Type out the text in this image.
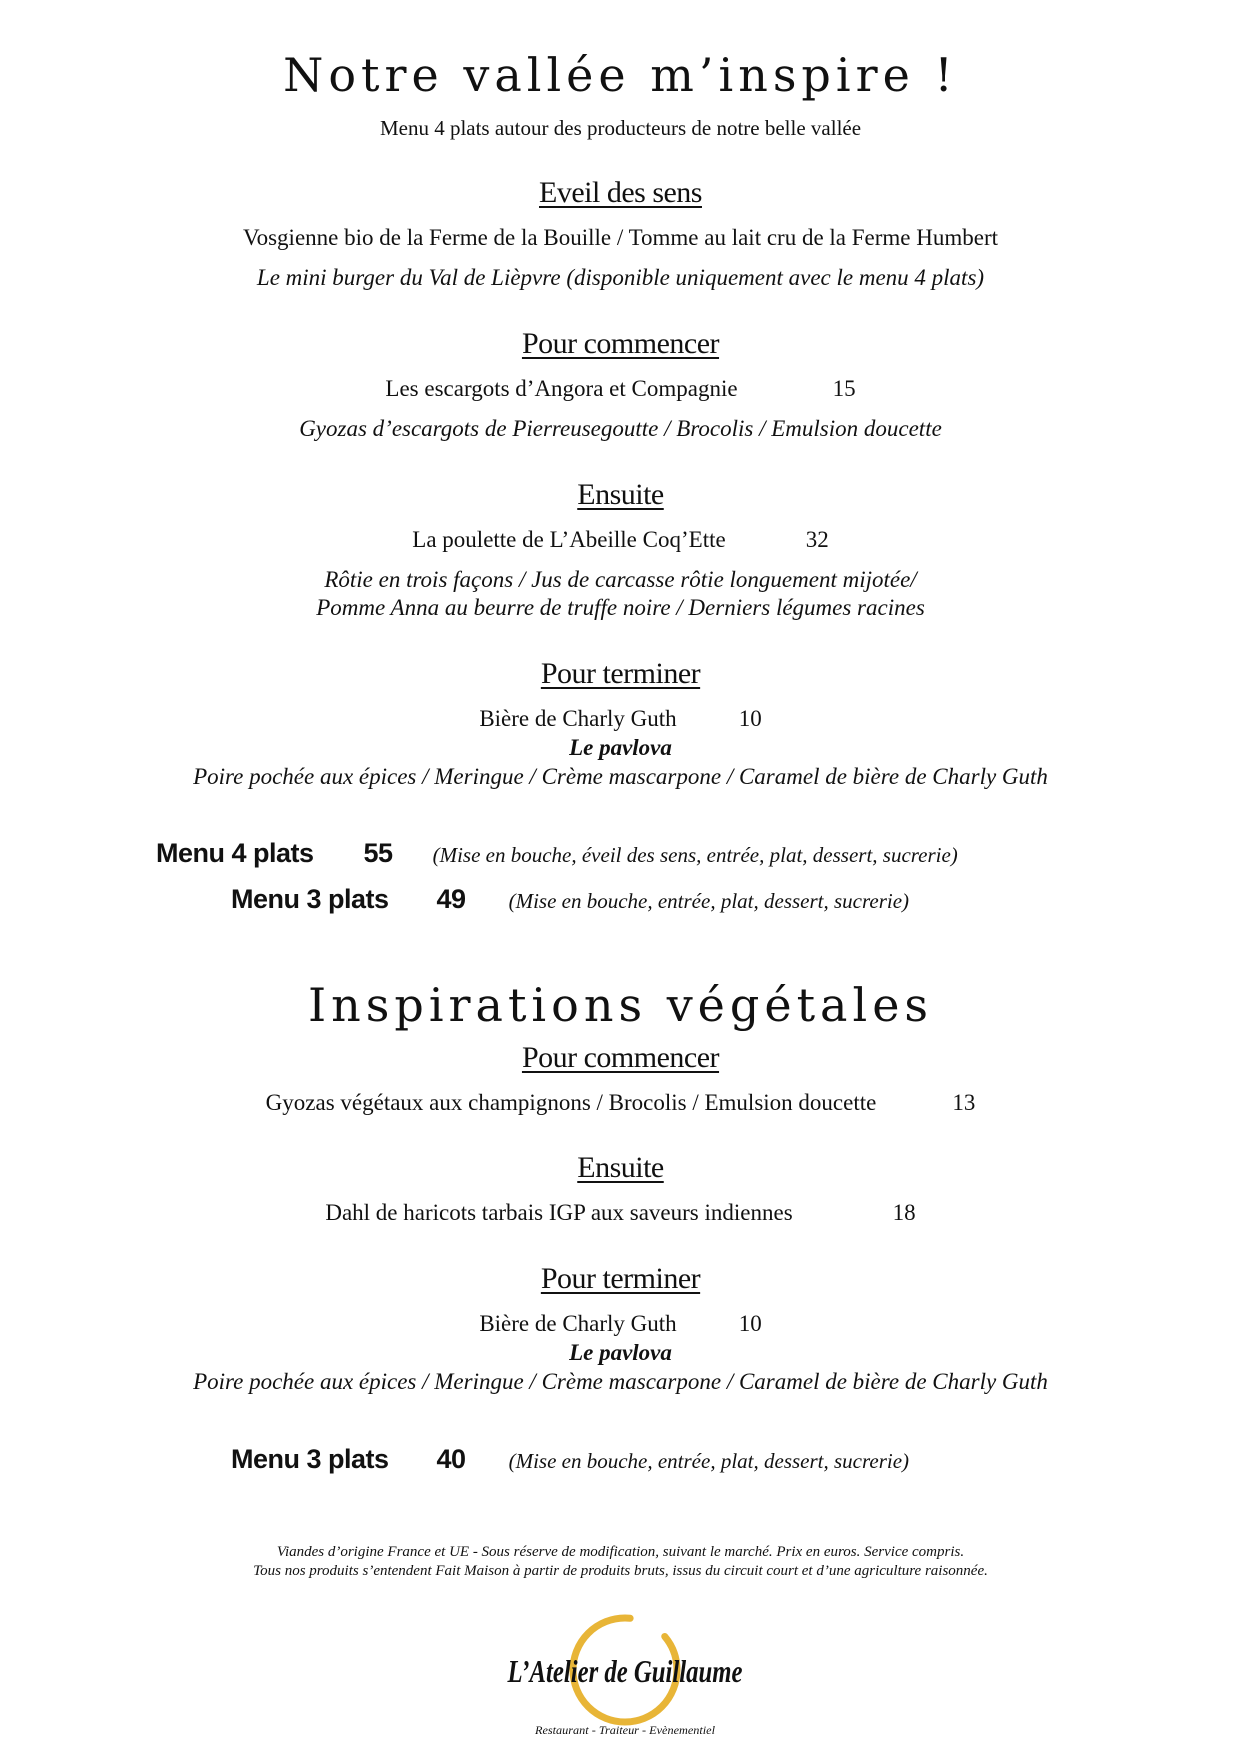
Notre vallée m’inspire !
Menu 4 plats autour des producteurs de notre belle vallée
Eveil des sens
Vosgienne bio de la Ferme de la Bouille / Tomme au lait cru de la Ferme Humbert
Le mini burger du Val de Lièpvre (disponible uniquement avec le menu 4 plats)
Pour commencer
Les escargots d’Angora et Compagnie	15
Gyozas d’escargots de Pierreusegoutte / Brocolis / Emulsion doucette
Ensuite
La poulette de L’Abeille Coq’Ette	32
Rôtie en trois façons / Jus de carcasse rôtie longuement mijotée/
Pomme Anna au beurre de truffe noire / Derniers légumes racines
Pour terminer
Bière de Charly Guth	10
Le pavlova
Poire pochée aux épices / Meringue / Crème mascarpone / Caramel de bière de Charly Guth
Menu 4 plats 55 (Mise en bouche, éveil des sens, entrée, plat, dessert, sucrerie)
Menu 3 plats 49 (Mise en bouche, entrée, plat, dessert, sucrerie)
Inspirations végétales
Pour commencer
Gyozas végétaux aux champignons / Brocolis / Emulsion doucette	13
Ensuite
Dahl de haricots tarbais IGP aux saveurs indiennes	18
Pour terminer
Bière de Charly Guth	10
Le pavlova
Poire pochée aux épices / Meringue / Crème mascarpone / Caramel de bière de Charly Guth
Menu 3 plats 40 (Mise en bouche, entrée, plat, dessert, sucrerie)
Viandes d’origine France et UE - Sous réserve de modification, suivant le marché. Prix en euros. Service compris.
Tous nos produits s’entendent Fait Maison à partir de produits bruts, issus du circuit court et d’une agriculture raisonnée.
L’Atelier de Guillaume
Restaurant - Traiteur - Evènementiel
